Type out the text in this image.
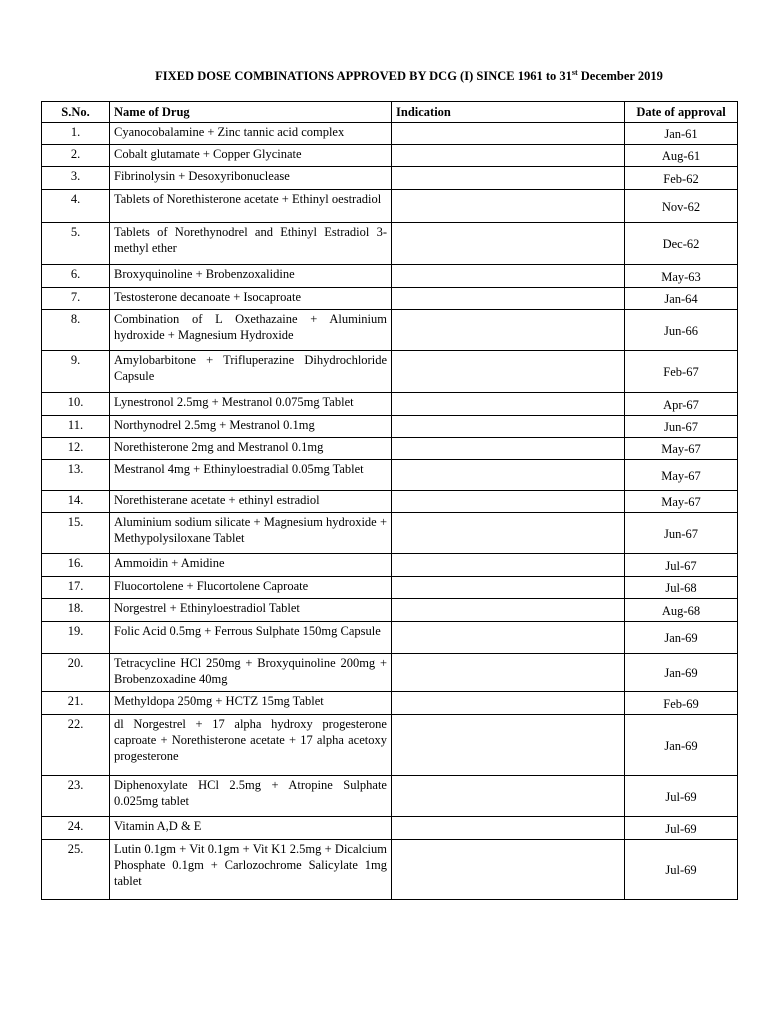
FIXED DOSE COMBINATIONS APPROVED BY DCG (I) SINCE 1961 to 31st December 2019
S.No.	Name of Drug	Indication	Date of approval
1.	Cyanocobalamine + Zinc tannic acid complex		Jan-61
2.	Cobalt glutamate + Copper Glycinate		Aug-61
3.	Fibrinolysin + Desoxyribonuclease		Feb-62
4.	Tablets of Norethisterone acetate + Ethinyl oestradiol		Nov-62
5.	Tablets of Norethynodrel and Ethinyl Estradiol 3-methyl ether		Dec-62
6.	Broxyquinoline + Brobenzoxalidine		May-63
7.	Testosterone decanoate + Isocaproate		Jan-64
8.	Combination of L Oxethazaine + Aluminium hydroxide + Magnesium Hydroxide		Jun-66
9.	Amylobarbitone + Trifluperazine Dihydrochloride Capsule		Feb-67
10.	Lynestronol 2.5mg + Mestranol 0.075mg Tablet		Apr-67
11.	Northynodrel 2.5mg + Mestranol 0.1mg		Jun-67
12.	Norethisterone 2mg and Mestranol 0.1mg		May-67
13.	Mestranol 4mg + Ethinyloestradial 0.05mg Tablet		May-67
14.	Norethisterane acetate + ethinyl estradiol		May-67
15.	Aluminium sodium silicate + Magnesium hydroxide + Methypolysiloxane Tablet		Jun-67
16.	Ammoidin + Amidine		Jul-67
17.	Fluocortolene + Flucortolene Caproate		Jul-68
18.	Norgestrel + Ethinyloestradiol Tablet		Aug-68
19.	Folic Acid 0.5mg + Ferrous Sulphate 150mg Capsule		Jan-69
20.	Tetracycline HCl 250mg + Broxyquinoline 200mg + Brobenzoxadine 40mg		Jan-69
21.	Methyldopa 250mg + HCTZ 15mg Tablet		Feb-69
22.	dl Norgestrel + 17 alpha hydroxy progesterone caproate + Norethisterone acetate + 17 alpha acetoxy progesterone		Jan-69
23.	Diphenoxylate HCl 2.5mg + Atropine Sulphate 0.025mg tablet		Jul-69
24.	Vitamin A,D & E		Jul-69
25.	Lutin 0.1gm + Vit 0.1gm + Vit K1 2.5mg + Dicalcium Phosphate 0.1gm + Carlozochrome Salicylate 1mg tablet		Jul-69
